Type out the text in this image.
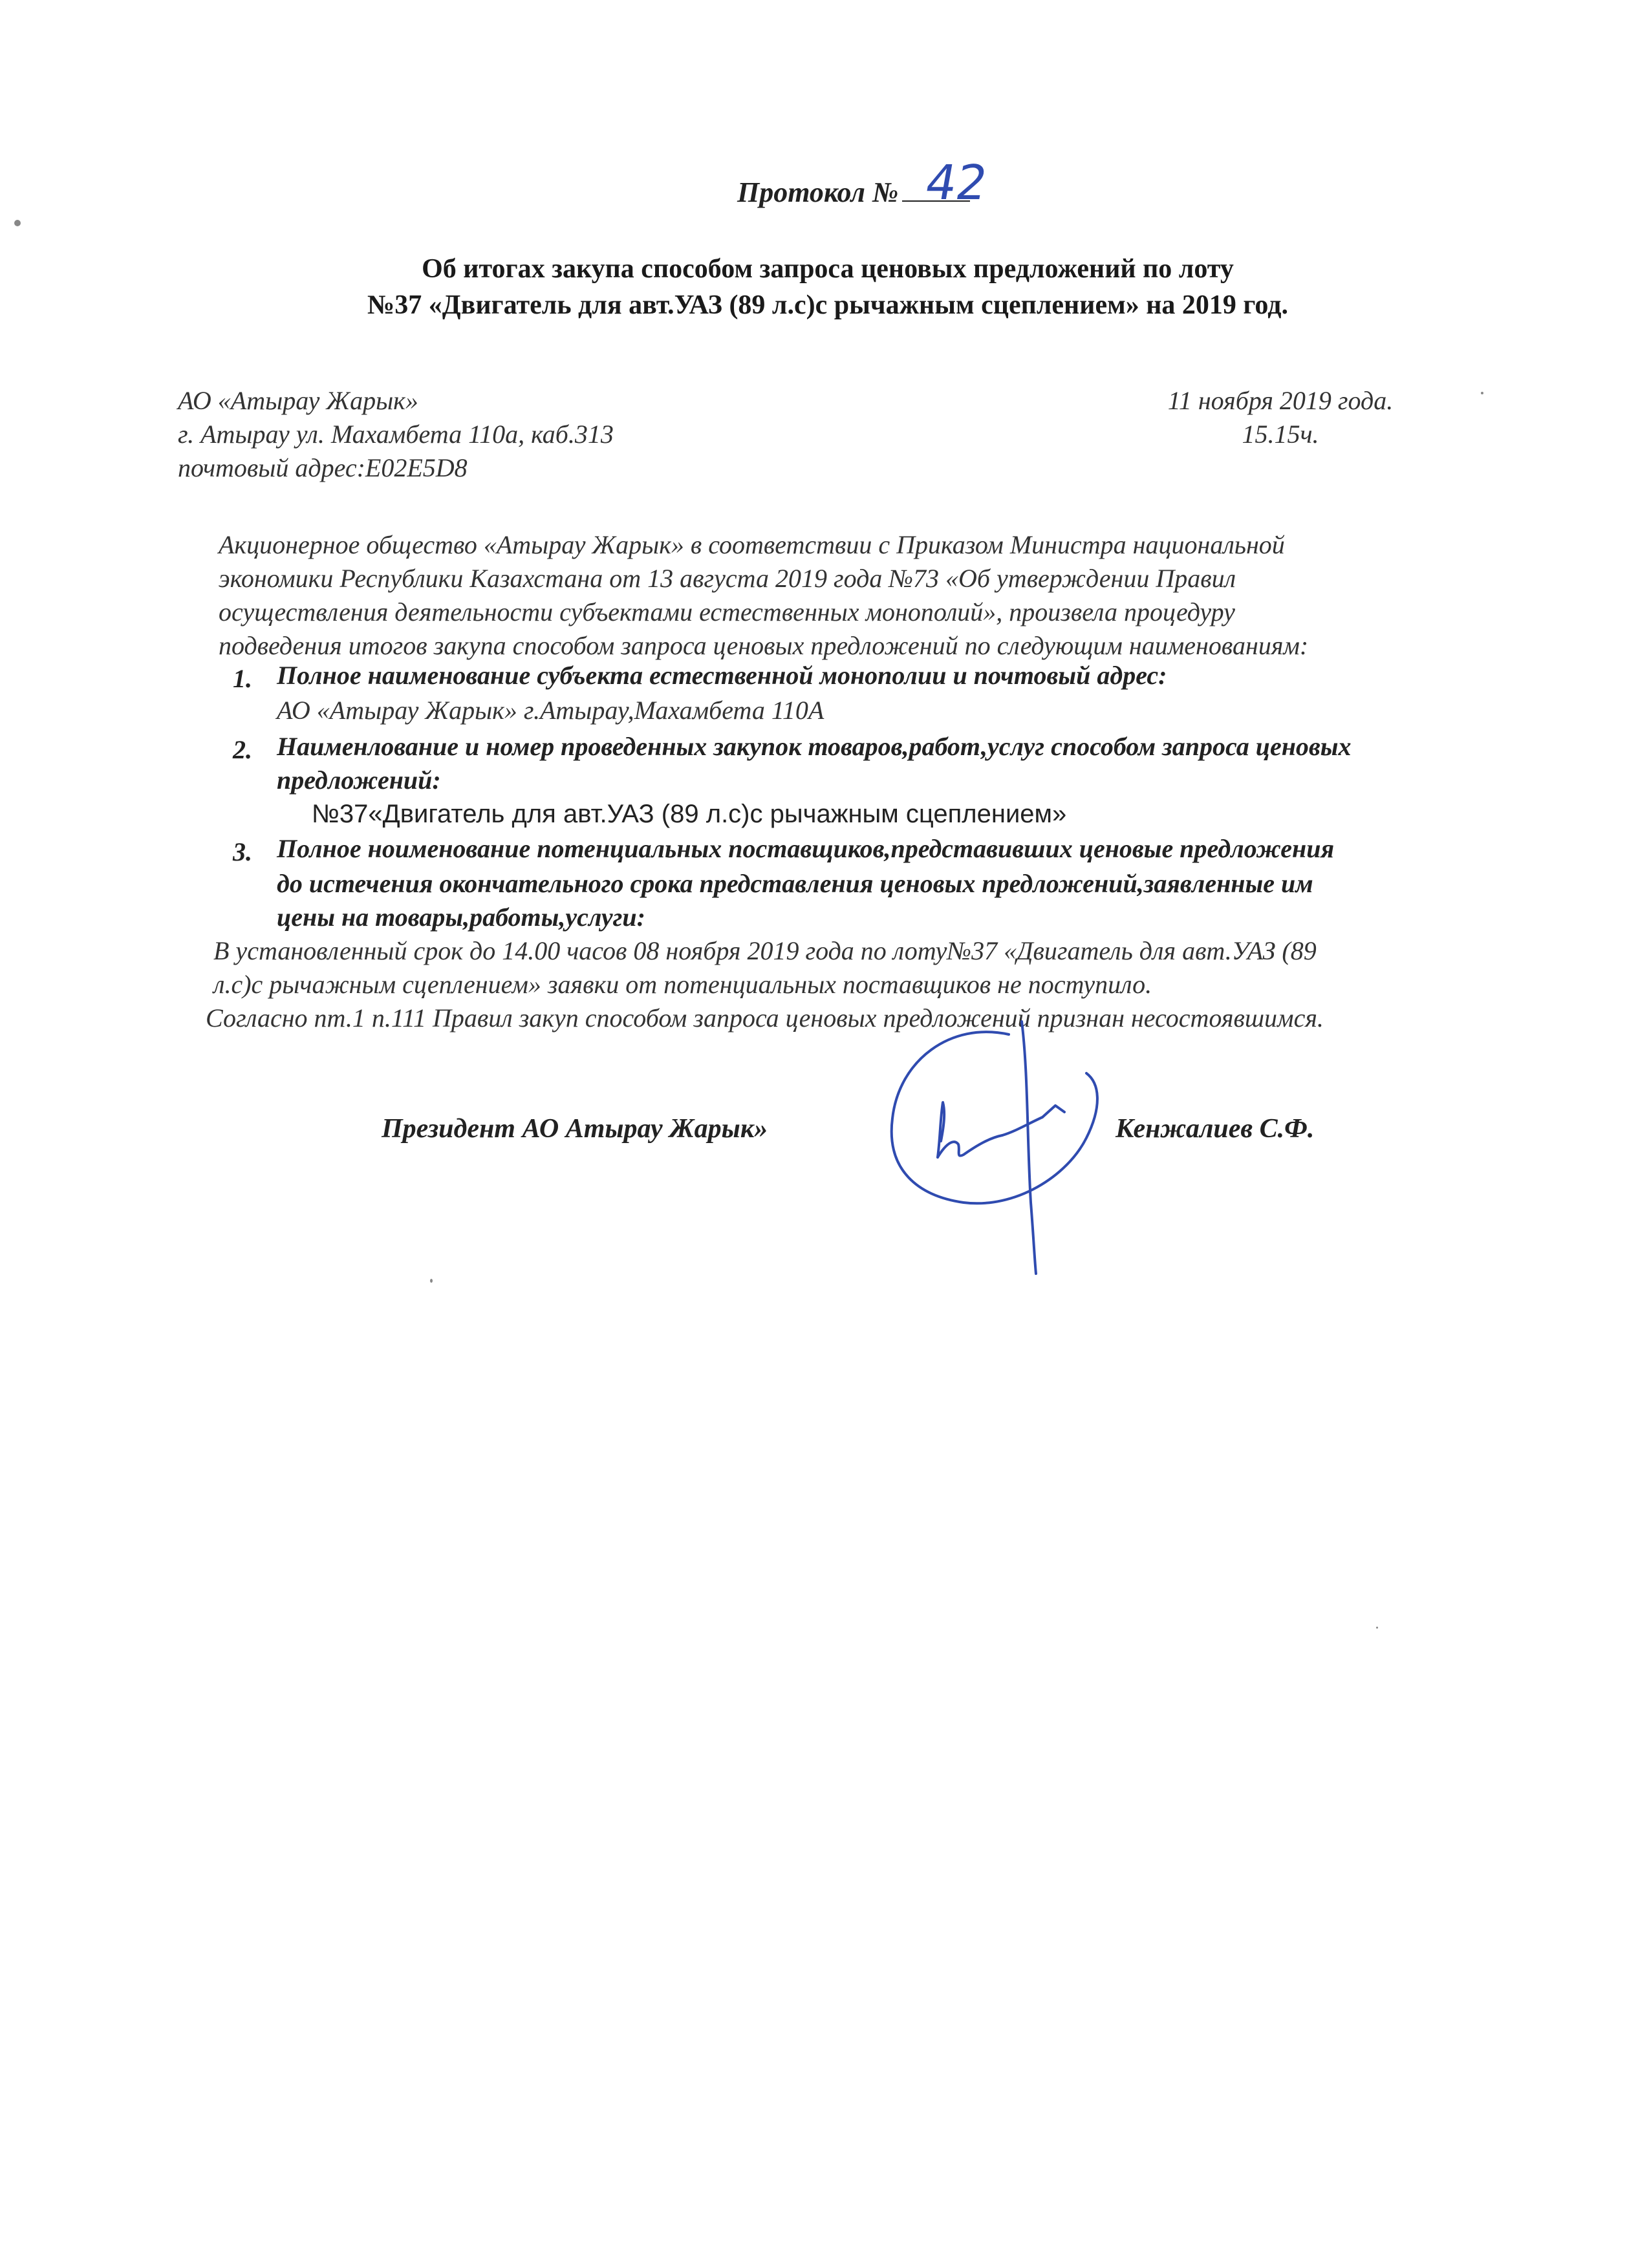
Протокол № 42
Об итогах закупа способом запроса ценовых предложений по лоту
№37 «Двигатель для авт.УАЗ (89 л.с)с рычажным сцеплением» на 2019 год.
АО «Атырау Жарык»
г. Атырау ул. Махамбета 110а, каб.313
почтовый адрес:E02E5D8
11 ноября 2019 года.
15.15ч.
Акционерное общество «Атырау Жарык» в соответствии с Приказом Министра национальной
экономики Республики Казахстана от 13 августа 2019 года №73 «Об утверждении Правил
осуществления деятельности субъектами естественных монополий», произвела процедуру
подведения итогов закупа способом запроса ценовых предложений по следующим наименованиям:
1. Полное наименование субъекта естественной монополии и почтовый адрес:
АО «Атырау Жарык» г.Атырау,Махамбета 110А
2. Наименлование и номер проведенных закупок товаров,работ,услуг способом запроса ценовых
предложений:
№37«Двигатель для авт.УАЗ (89 л.с)с рычажным сцеплением»
3. Полное ноименование потенциальных поставщиков,представивших ценовые предложения
до истечения окончательного срока представления ценовых предложений,заявленные им
цены на товары,работы,услуги:
В установленный срок до 14.00 часов 08 ноября 2019 года по лоту№37 «Двигатель для авт.УАЗ (89
л.с)с рычажным сцеплением» заявки от потенциальных поставщиков не поступило.
Согласно пт.1 п.111 Правил закуп способом запроса ценовых предложений признан несостоявшимся.
Президент АО Атырау Жарык»	Кенжалиев С.Ф.
